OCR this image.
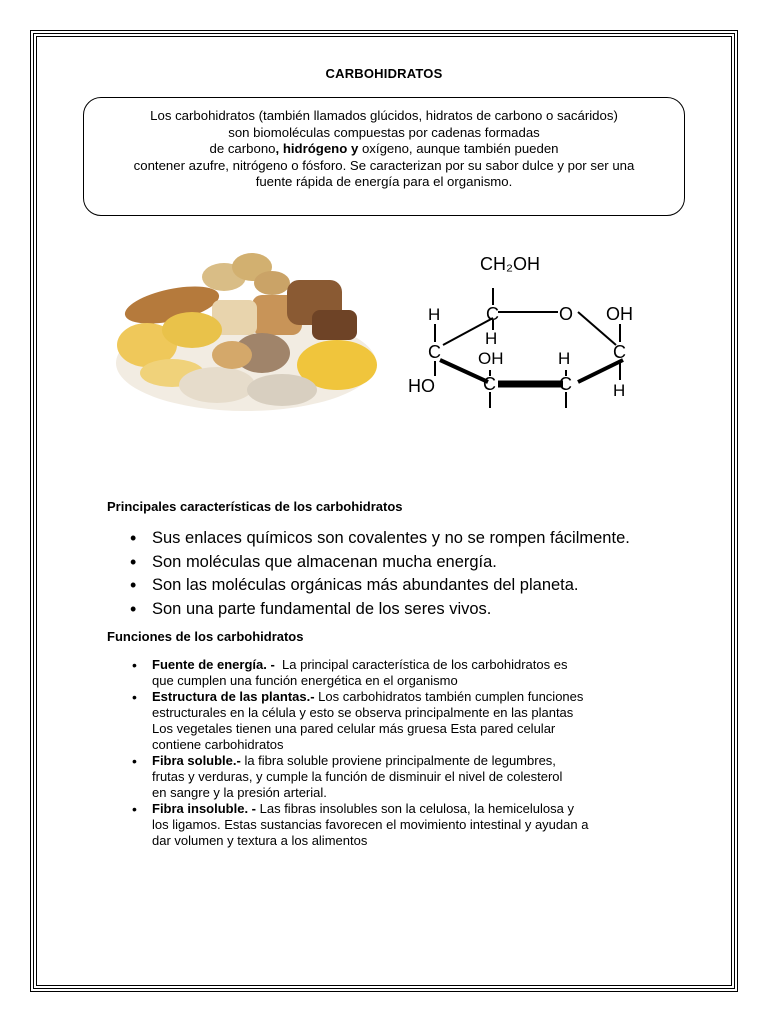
CARBOHIDRATOS
Los carbohidratos (también llamados glúcidos, hidratos de carbono o sacáridos)
son biomoléculas compuestas por cadenas formadas
de carbono, hidrógeno y oxígeno, aunque también pueden
contener azufre, nitrógeno o fósforo. Se caracterizan por su sabor dulce y por ser una
fuente rápida de energía para el organismo.
CH₂OH
C
H
H	O OH
C	C
OH	H
C	C
HO	H
Principales características de los carbohidratos
• Sus enlaces químicos son covalentes y no se rompen fácilmente.
• Son moléculas que almacenan mucha energía.
• Son las moléculas orgánicas más abundantes del planeta.
• Son una parte fundamental de los seres vivos.
Funciones de los carbohidratos
• Fuente de energía. -  La principal característica de los carbohidratos es
que cumplen una función energética en el organismo
• Estructura de las plantas.- Los carbohidratos también cumplen funciones
estructurales en la célula y esto se observa principalmente en las plantas
Los vegetales tienen una pared celular más gruesa Esta pared celular
contiene carbohidratos
• Fibra soluble.- la fibra soluble proviene principalmente de legumbres,
frutas y verduras, y cumple la función de disminuir el nivel de colesterol
en sangre y la presión arterial.
• Fibra insoluble. - Las fibras insolubles son la celulosa, la hemicelulosa y
los ligamos. Estas sustancias favorecen el movimiento intestinal y ayudan a
dar volumen y textura a los alimentos
